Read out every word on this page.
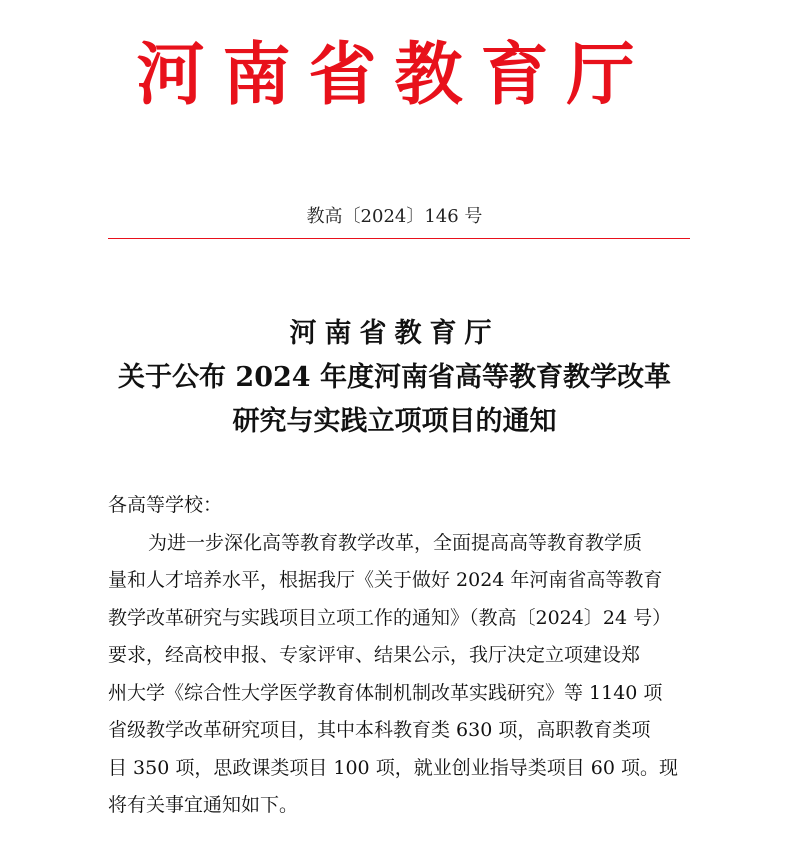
河南省教育厅
教高〔2024〕146 号
河南省教育厅
关于公布 2024 年度河南省高等教育教学改革
研究与实践立项项目的通知
各高等学校：
为进一步深化高等教育教学改革，全面提高高等教育教学质
量和人才培养水平，根据我厅《关于做好 2024 年河南省高等教育
教学改革研究与实践项目立项工作的通知》（教高〔2024〕24 号）
要求，经高校申报、专家评审、结果公示，我厅决定立项建设郑
州大学《综合性大学医学教育体制机制改革实践研究》等 1140 项
省级教学改革研究项目，其中本科教育类 630 项，高职教育类项
目 350 项，思政课类项目 100 项，就业创业指导类项目 60 项。现
将有关事宜通知如下。
